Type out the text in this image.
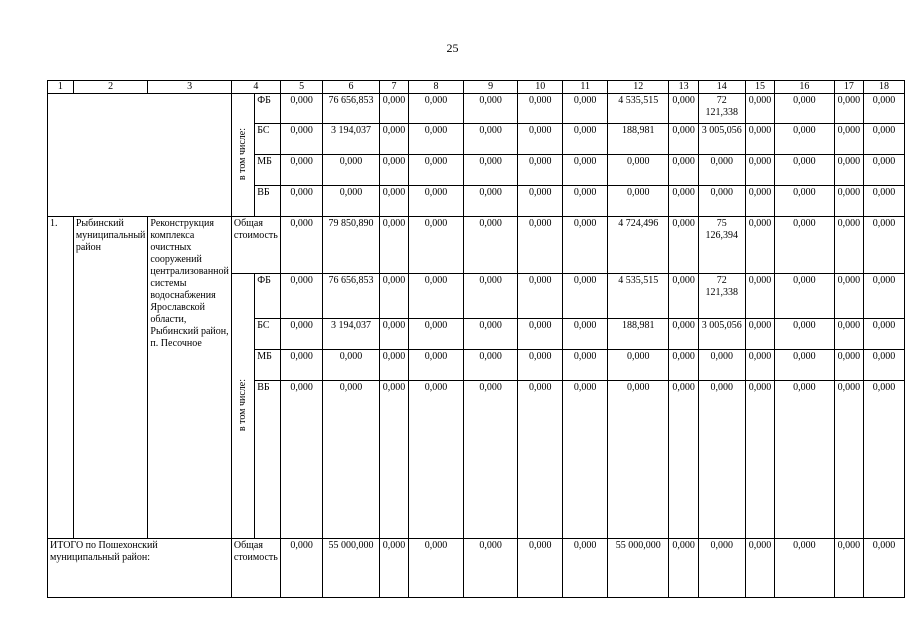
25
1	2	3	4		5	6	7	8	9	10	11	12	13	14	15	16	17	18

			в том числе:	ФБ	0,000	76 656,853	0,000	0,000	0,000	0,000	0,000	4 535,515	0,000	72 121,338	0,000	0,000	0,000	0,000
				БС	0,000	3 194,037	0,000	0,000	0,000	0,000	0,000	188,981	0,000	3 005,056	0,000	0,000	0,000	0,000
				МБ	0,000	0,000	0,000	0,000	0,000	0,000	0,000	0,000	0,000	0,000	0,000	0,000	0,000	0,000
				ВБ	0,000	0,000	0,000	0,000	0,000	0,000	0,000	0,000	0,000	0,000	0,000	0,000	0,000	0,000
1.	Рыбинский муниципальный район	Реконструкция комплекса очистных сооружений централизованной системы водоснабжения Ярославской области, Рыбинский район, п. Песочное	Общая стоимость		0,000	79 850,890	0,000	0,000	0,000	0,000	0,000	4 724,496	0,000	75 126,394	0,000	0,000	0,000	0,000

			в том числе:	ФБ	0,000	76 656,853	0,000	0,000	0,000	0,000	0,000	4 535,515	0,000	72 121,338	0,000	0,000	0,000	0,000
				БС	0,000	3 194,037	0,000	0,000	0,000	0,000	0,000	188,981	0,000	3 005,056	0,000	0,000	0,000	0,000
				МБ	0,000	0,000	0,000	0,000	0,000	0,000	0,000	0,000	0,000	0,000	0,000	0,000	0,000	0,000
				ВБ	0,000	0,000	0,000	0,000	0,000	0,000	0,000	0,000	0,000	0,000	0,000	0,000	0,000	0,000
ИТОГО по Пошехонский муниципальный район:			Общая стоимость		0,000	55 000,000	0,000	0,000	0,000	0,000	0,000	55 000,000	0,000	0,000	0,000	0,000	0,000	0,000
